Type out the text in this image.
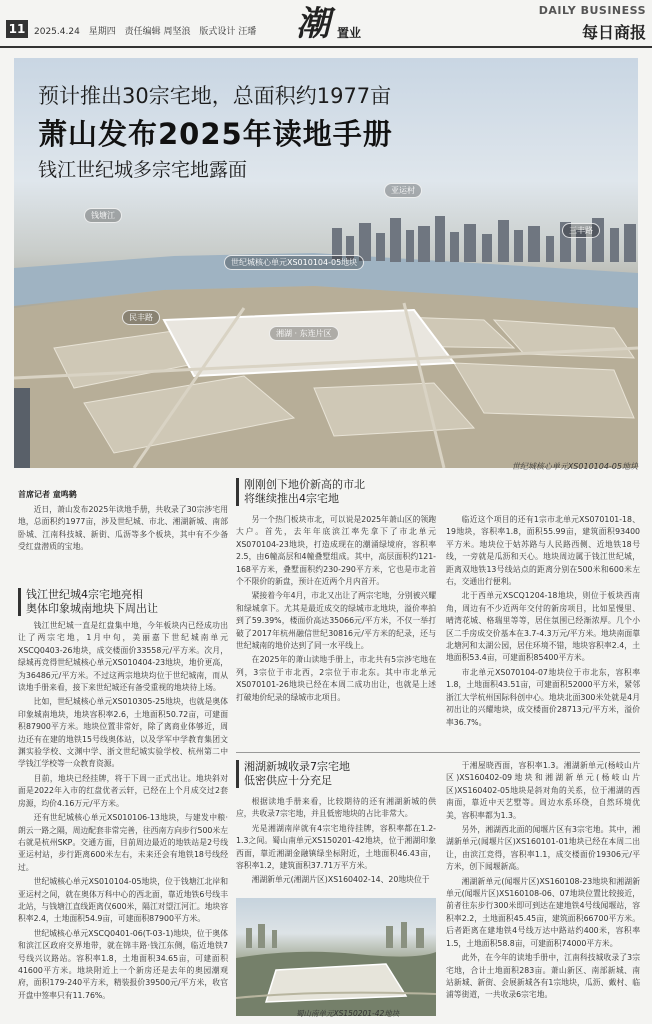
11 2025.4.24 星期四 责任编辑 周坚浪 版式设计 汪璠 潮 置业
DAILY BUSINESS
每日商报
预计推出30宗宅地，总面积约1977亩
萧山发布2025年读地手册
钱江世纪城多宗宅地露面
钱塘江
亚运村
三丰路
世纪城核心单元XS010104-05地块
民丰路
湘湖 · 东连片区
世纪城核心单元XS010104-05地块
首席记者 童鸣鹤

近日，萧山发布2025年读地手册，共收录了30宗涉宅用地，总面积约1977亩，涉及世纪城、市北、湘湖新城、南部卧城、江南科技城、新街、瓜沥等多个板块，其中有不少备受红盘潜质的宝地。

钱江世纪城4宗宅地亮相
奥体印象城南地块下周出让

钱江世纪城一直是红盘集中地，今年板块内已经成功出让了两宗宅地，1月中旬，美丽嘉下世纪城南单元XSCQ0403-26地块，成交楼面价33558元/平方米。次月，绿城再竞得世纪城核心单元XS010404-23地块，地价更高，为36486元/平方米。不过这两宗地块均位于世纪城南，而从读地手册来看，接下来世纪城还有备受重视的地块待上场。

比如，世纪城核心单元XS010305-25地块，也就是奥体印象城南地块，地块容积率2.6，土地面积50.72亩，可建面积87900平方米。地块位置非常好，除了离商业体够近，周边还有在建的地铁15号线奥体站，以及学军中学教育集团文渊实验学校、文渊中学、浙文世纪城实验学校、杭州第二中学钱江学校等一众教育资源。

目前，地块已经挂牌，将于下周一正式出让。地块斜对面是2022年入市的红盘优者云轩，已经在上个月成交过2套房源，均价4.16万元/平方米。

还有世纪城核心单元XS010106-13地块，与建发中粮·朗云一路之隔，周边配套非常完善，往西南方向步行500米左右就是杭州SKP。交通方面，目前周边最近的地铁站是2号线亚运村站，步行距离600米左右，未来还会有地铁18号线经过。

世纪城核心单元XS010104-05地块，位于钱塘江北岸和亚运村之间，就在奥体万科中心的西北面，靠近地铁6号线丰北站，与钱塘江直线距离仅600米，隔江对望江河汇。地块容积率2.4，土地面积54.9亩，可建面积87900平方米。

世纪城核心单元XSCQ0401-06(T-03-1)地块，位于奥体和滨江区政府交界地带，就在锦丰路·钱江东侧，临近地铁7号线兴议路站。容积率1.8，土地面积34.65亩，可建面积41600平方米。地块附近上一个新房还是去年的奥园潮观府，面积179-240平方米，精装报价39500元/平方米，收官开盘中签率只有11.76%。

刚刚创下地价新高的市北
将继续推出4宗宅地

另一个热门板块市北，可以说是2025年萧山区的领跑大户。首先，去年年底滨江率先拿下了市北单元XS070104-23地块，打造成现在的潮涌绿境府，容积率2.5，由6幢高层和4幢叠墅组成。其中，高层面积约121-168平方米，叠墅面积约230-290平方米，它也是市北首个不限价的新盘，预计在近两个月内首开。

紧接着今年4月，市北又出让了两宗宅地，分别被兴耀和绿城拿下。尤其是最近成交的绿城市北地块，溢价率拍到了59.39%，楼面价高达35066元/平方米，不仅一举打破了2017年杭州融信世纪30816元/平方米的纪录，还与世纪城南的地价达到了同一水平线上。

在2025年的萧山读地手册上，市北共有5宗涉宅地在列，3宗位于市北西，2宗位于市北东。其中市北单元XS070101-26地块已经在本周二成功出让，也就是上述打破地价纪录的绿城市北项目。

临近这个项目的还有1宗市北单元XS070101-18、19地块，容积率1.8，面积55.99亩，建筑面积93400平方米。地块位于姑苏路与人民路西侧、近地铁18号线，一旁就是瓜沥和天心。地块周边属于钱江世纪城，距离双地铁13号线站点的距离分别在500米和600米左右，交通出行便利。

北于西单元XSCQ1204-18地块，则位于板块西南角，周边有不少近两年交付的新房项目，比如星慢里、晴湾花城、格瑞里等等，居住氛围已经渐浓厚。几个小区二手房成交价基本在3.7-4.3万元/平方米。地块南面靠北塘河和太湖公园，居住环境不错，地块容积率2.4，土地面积53.4亩，可建面积85400平方米。

市北单元XS070104-07地块位于市北东，容积率1.8，土地面积43.51亩，可建面积52000平方米，紧邻浙江大学杭州国际科创中心。地块北面300米处就是4月初出让的兴耀地块，成交楼面价28713元/平方米，溢价率36.7%。

湘湖新城收录7宗宅地
低密供应十分充足

根据读地手册来看，比较期待的还有湘湖新城的供应，共收录7宗宅地，并且低密地块的占比非常大。

光是湘湖南岸就有4宗宅地待挂牌，容积率都在1.2-1.3之间。蜀山南单元XS150201-42地块，位于湘湖印象西面，靠近湘湖金融镇绿坐标附近，土地面积46.43亩，容积率1.2，建筑面积37.71万平方米。

湘湖新单元(湘湖片区)XS160402-14、20地块位于

蜀山南单元XS150201-42地块

于湘屋晓西面，容积率1.3。湘湖新单元(杨岐山片区)XS160402-09地块和湘湖新单元(杨岐山片区)XS160402-05地块是斜对角的关系，位于湘湖的西南面，靠近中天艺墅等。周边水系环绕，自然环境优美，容积率都为1.3。

另外，湘湖西北面的闻堰片区有3宗宅地。其中，湘湖新单元(闻堰片区)XS160101-01地块已经在本周二出让，由滨江竞得，容积率1.1，成交楼面价19306元/平方米，创下闻堰新高。

湘湖新单元(闻堰片区)XS160108-23地块和湘湖新单元(闻堰片区)XS160108-06、07地块位置比较接近，前者往东步行300米即可到达在建地铁4号线闻堰站，容积率2.2，土地面积45.45亩，建筑面积66700平方米。后者距离在建地铁4号线万达中路站约400米，容积率1.5，土地面积58.8亩，可建面积74000平方米。

此外，在今年的读地手册中，江南科技城收录了3宗宅地，合计土地面积283亩。萧山新区、南部新城、南站新城、新街、会展新城各有1宗地块，瓜沥、戴村、临浦等街道，一共收录6宗宅地。
